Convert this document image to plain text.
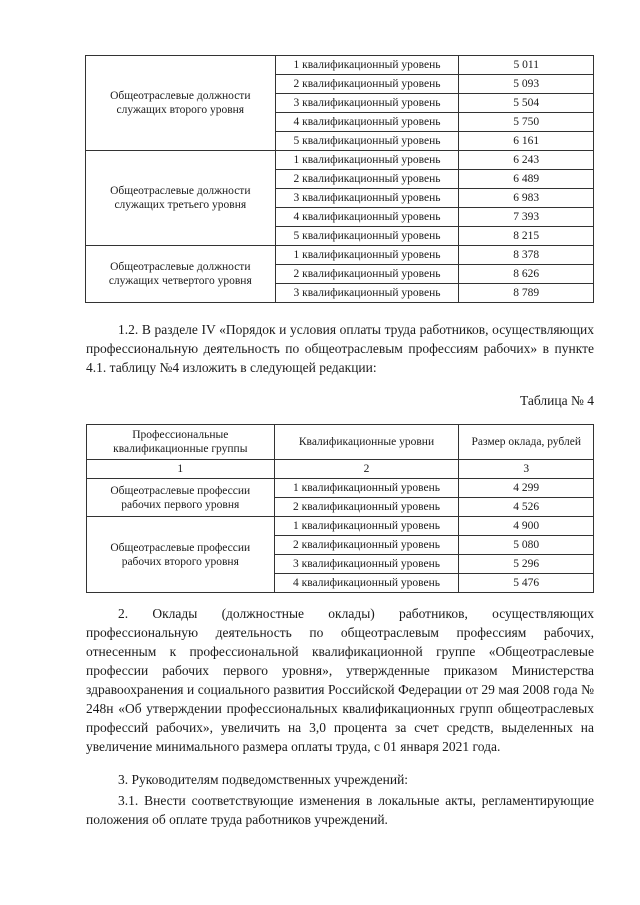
Общеотраслевые должности служащих второго уровня	1 квалификационный уровень	5 011
	2 квалификационный уровень	5 093
	3 квалификационный уровень	5 504
	4 квалификационный уровень	5 750
	5 квалификационный уровень	6 161
Общеотраслевые должности служащих третьего уровня	1 квалификационный уровень	6 243
	2 квалификационный уровень	6 489
	3 квалификационный уровень	6 983
	4 квалификационный уровень	7 393
	5 квалификационный уровень	8 215
Общеотраслевые должности служащих четвертого уровня	1 квалификационный уровень	8 378
	2 квалификационный уровень	8 626
	3 квалификационный уровень	8 789

1.2. В разделе IV «Порядок и условия оплаты труда работников, осуществляющих профессиональную деятельность по общеотраслевым профессиям рабочих» в пункте 4.1. таблицу №4 изложить в следующей редакции:

Таблица № 4

Профессиональные квалификационные группы	Квалификационные уровни	Размер оклада, рублей
1	2	3
Общеотраслевые профессии рабочих первого уровня	1 квалификационный уровень	4 299
	2 квалификационный уровень	4 526
Общеотраслевые профессии рабочих второго уровня	1 квалификационный уровень	4 900
	2 квалификационный уровень	5 080
	3 квалификационный уровень	5 296
	4 квалификационный уровень	5 476

2. Оклады (должностные оклады) работников, осуществляющих профессиональную деятельность по общеотраслевым профессиям рабочих, отнесенным к профессиональной квалификационной группе «Общеотраслевые профессии рабочих первого уровня», утвержденные приказом Министерства здравоохранения и социального развития Российской Федерации от 29 мая 2008 года № 248н «Об утверждении профессиональных квалификационных групп общеотраслевых профессий рабочих», увеличить на 3,0 процента за счет средств, выделенных на увеличение минимального размера оплаты труда, с 01 января 2021 года.

3. Руководителям подведомственных учреждений:

3.1. Внести соответствующие изменения в локальные акты, регламентирующие положения об оплате труда работников учреждений.
